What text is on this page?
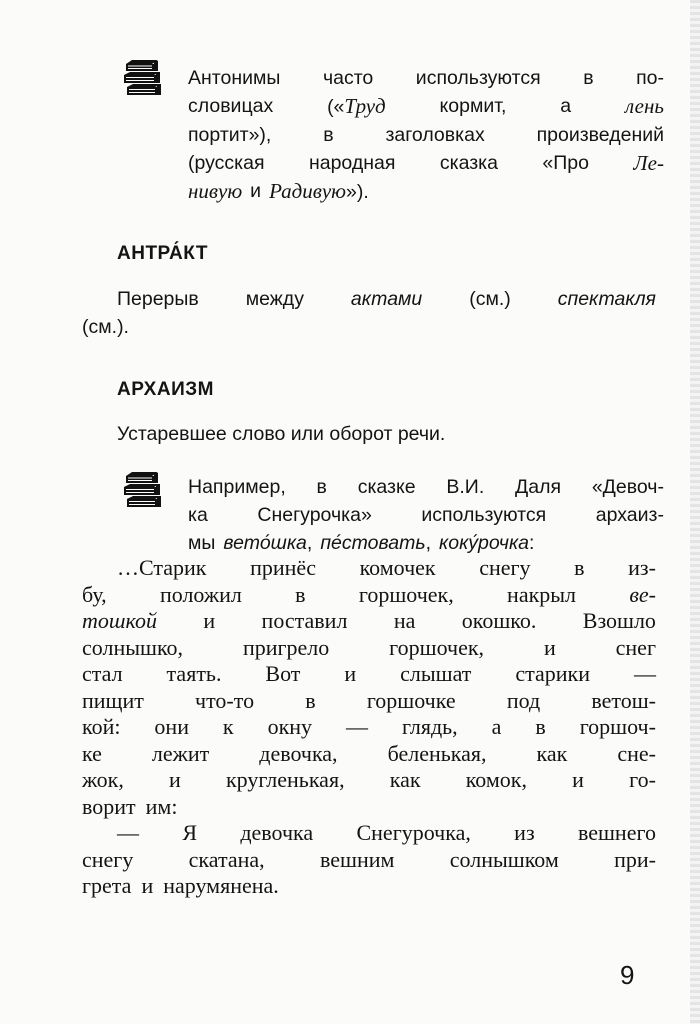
Антонимы часто используются в по-
словицах	(«Труд	кормит,	а	лень
портит»),	в	заголовках	произведений
(русская народная сказка «Про Ле-
нивую и Радивую»).
АНТРА́КТ
Перерыв между актами (см.) спектакля
(см.).
АРХАИЗМ
Устаревшее слово или оборот речи.
Например, в сказке В.И. Даля «Девоч-
ка	Снегурочка»	используются	архаиз-
мы вето́шка, пе́стовать, коку́рочка:
…Старик принёс комочек снегу в из-
бу, положил в горшочек, накрыл ве-
тошкой и поставил на окошко. Взошло
солнышко,	пригрело	горшочек,	и	снег
стал таять. Вот и слышат старики —
пищит что-то в горшочке под ветош-
кой: они к окну — глядь, а в горшоч-
ке лежит девочка, беленькая, как сне-
жок, и кругленькая, как комок, и го-
ворит им:
— Я девочка Снегурочка, из вешнего
снегу	скатана,	вешним	солнышком	при-
грета и нарумянена.
9
